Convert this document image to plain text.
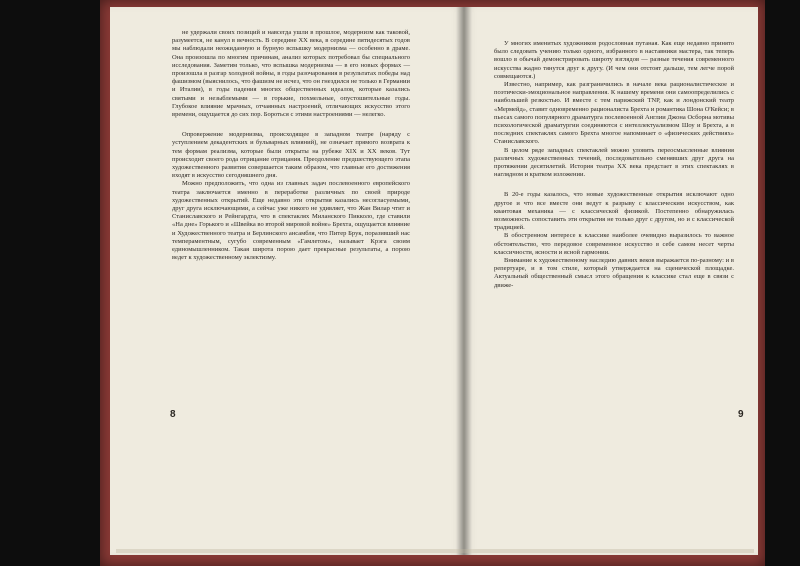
не удержали своих позиций и навсегда ушли в прошлое, модернизм как таковой, разумеется, не канул в вечность. В середине XX века, в середине пятидесятых годов мы наблюдали неожиданную и бурную вспышку модернизма — особенно в драме. Она произошла по многим причинам, анализ которых потребовал бы специального исследования. Заметим только, что вспышка модернизма — в его новых формах — произошла в разгар холодной войны, в годы разочарования в результатах победы над фашизмом (выяснилось, что фашизм не исчез, что он гнездился не только в Германии и Италии), в годы падения многих общественных идеалов, которые казались святыми и незыблемыми — в горькие, похмельные, опустошительные годы. Глубокое влияние мрачных, отчаянных настроений, отличающих искусство этого времени, ощущается до сих пор. Бороться с этими настроениями — нелегко.

Опровержение модернизма, происходящее в западном театре (наряду с уступлением декадентских и бульварных влияний), не означает прямого возврата к тем формам реализма, которые были открыты на рубеже XIX и XX веков. Тут происходит своего рода отрицание отрицания. Преодоление предшествующего этапа художественного развития совершается таким образом, что главные его достижения входят в искусство сегодняшнего дня.

Можно предположить, что одна из главных задач послевоенного европейского театра заключается именно в переработке различных по своей природе художественных открытий. Еще недавно эти открытия казались несогласуемыми, друг друга исключающими, а сейчас уже никого не удивляет, что Жан Вилар чтит и Станиславского и Рейнгардта, что в спектаклях Миланского Пикколо, где ставили «На дне» Горького и «Швейка во второй мировой войне» Брехта, ощущается влияние и Художественного театра и Берлинского ансамбля, что Питер Брук, поразивший нас темпераментным, сугубо современным «Гамлетом», называет Крэга своим единомышленником. Такая широта порою дает прекрасные результаты, а порою ведет к художественному эклектизму.

8

У многих именитых художников родословная путаная. Как еще недавно принято было следовать учению только одного, избранного в наставники мастера, так теперь вошло в обычай демонстрировать широту взглядов — разные течения современного искусства жадно тянутся друг к другу. (И чем они отстоят дальше, тем легче порой совмещаются.)

Известно, например, как разграничились в начале века рационалистическое и поэтически-эмоциональное направления. К нашему времени они самоопределились с наибольшей резкостью. И вместе с тем парижский TNP, как и лондонский театр «Мермейд», ставит одновременно рационалиста Брехта и романтика Шона О'Кейси; в пьесах самого популярного драматурга послевоенной Англии Джона Осборна мотивы психологической драматургии соединяются с интеллектуализмом Шоу и Брехта, а в последних спектаклях самого Брехта многое напоминает о «физических действиях» Станиславского.

В целом ряде западных спектаклей можно уловить переосмысленные влияния различных художественных течений, последовательно сменявших друг друга на протяжении десятилетий. История театра XX века предстает в этих спектаклях в наглядном и кратком изложении.

В 20-е годы казалось, что новые художественные открытия исключают одно другое и что все вместе они ведут к разрыву с классическим искусством, как квантовая механика — с классической физикой. Постепенно обнаружилась возможность сопоставить эти открытия не только друг с другом, но и с классической традицией.

В обостренном интересе к классике наиболее очевидно выразилось то важное обстоятельство, что передовое современное искусство в себе самом несет черты классичности, ясности и ясной гармонии.

Внимание к художественному наследию давних веков выражается по-разному: и в репертуаре, и в том стиле, который утверждается на сценической площадке. Актуальный общественный смысл этого обращения к классике стал еще в связи с движе-

9
